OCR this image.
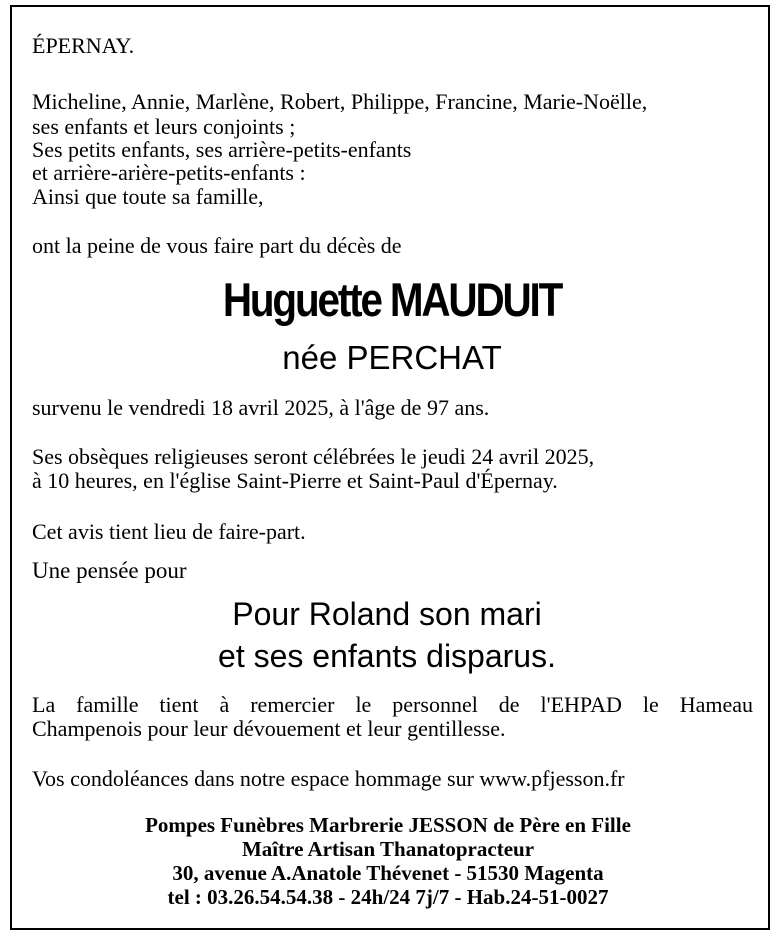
ÉPERNAY.
Micheline, Annie, Marlène, Robert, Philippe, Francine, Marie-Noëlle,
ses enfants et leurs conjoints ;
Ses petits enfants, ses arrière-petits-enfants
et arrière-arière-petits-enfants :
Ainsi que toute sa famille,
ont la peine de vous faire part du décès de
Huguette MAUDUIT
née PERCHAT
survenu le vendredi 18 avril 2025, à l'âge de 97 ans.
Ses obsèques religieuses seront célébrées le jeudi 24 avril 2025,
à 10 heures, en l'église Saint-Pierre et Saint-Paul d'Épernay.
Cet avis tient lieu de faire-part.
Une pensée pour
Pour Roland son mari
et ses enfants disparus.
La famille tient à remercier le personnel de l'EHPAD le Hameau
Champenois pour leur dévouement et leur gentillesse.
Vos condoléances dans notre espace hommage sur www.pfjesson.fr
Pompes Funèbres Marbrerie JESSON de Père en Fille
Maître Artisan Thanatopracteur
30, avenue A.Anatole Thévenet - 51530 Magenta
tel : 03.26.54.54.38 - 24h/24 7j/7 - Hab.24-51-0027
